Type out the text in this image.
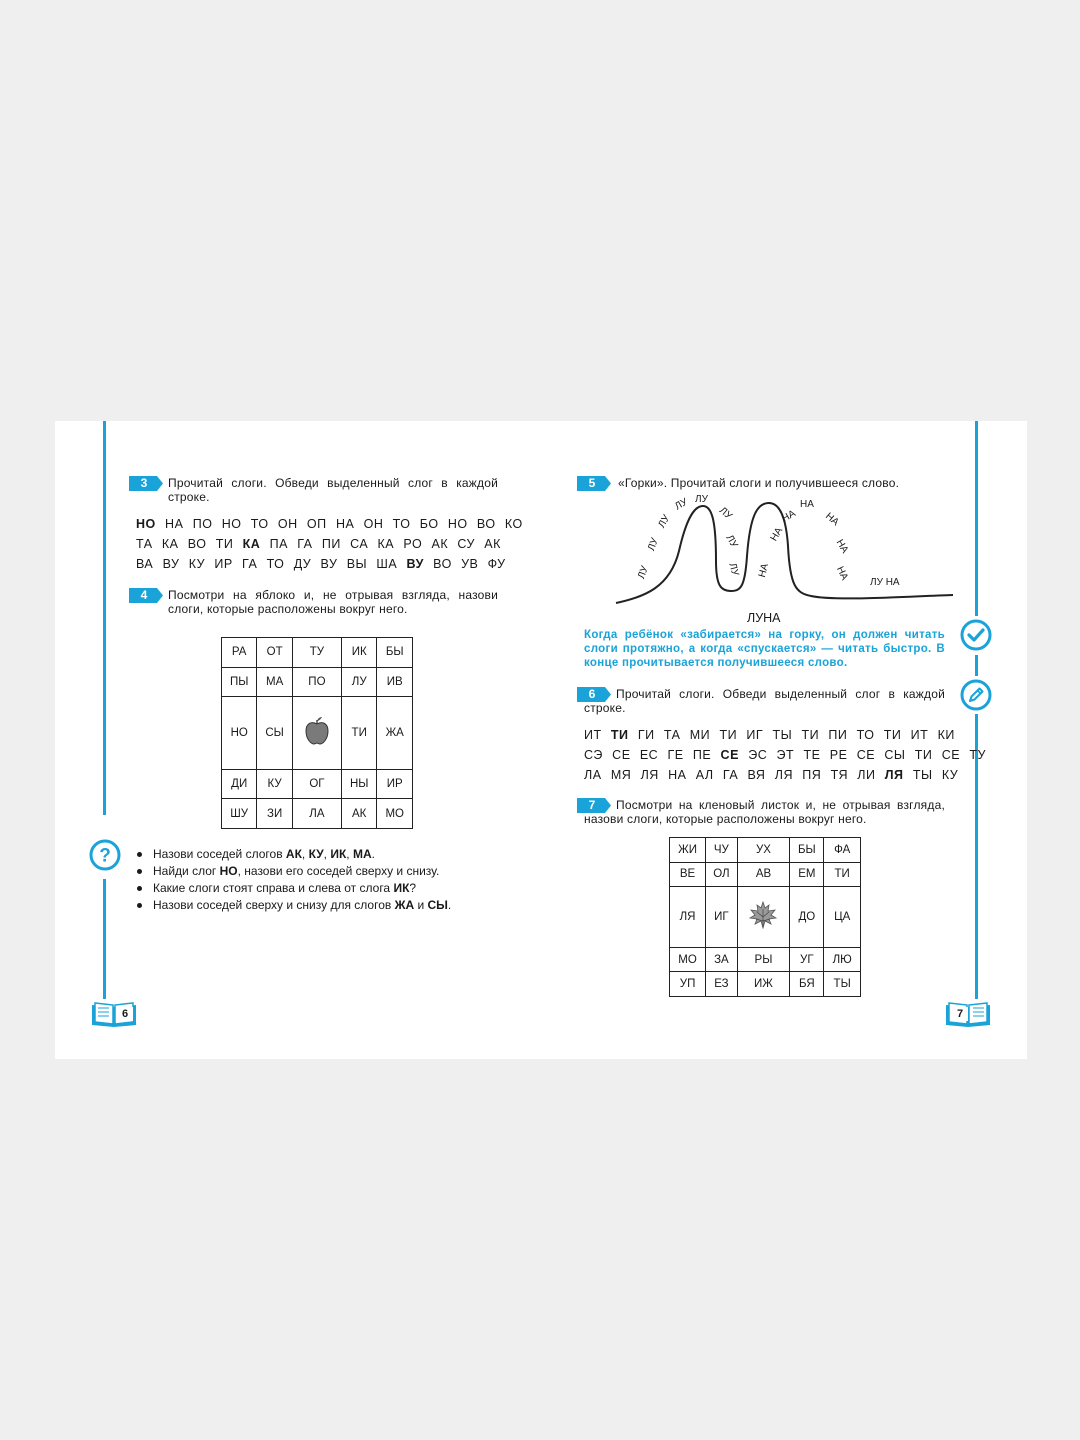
3	Прочитай слоги. Обведи выделенный слог в каждой строке.
НО НА ПО НО ТО ОН ОП НА ОН ТО БО НО ВО КО
ТА КА ВО ТИ КА ПА ГА ПИ СА КА РО АК СУ АК
ВА ВУ КУ ИР ГА ТО ДУ ВУ ВЫ ША ВУ ВО УВ ФУ
4	Посмотри на яблоко и, не отрывая взгляда, назови слоги, которые расположены вокруг него.
РА	ОТ	ТУ	ИК	БЫ
ПЫ	МА	ПО	ЛУ	ИВ
НО	СЫ		ТИ	ЖА
ДИ	КУ	ОГ	НЫ	ИР
ШУ	ЗИ	ЛА	АК	МО
?	Назови соседей слогов АК, КУ, ИК, МА.
Найди слог НО, назови его соседей сверху и снизу.
Какие слоги стоят справа и слева от слога ИК?
Назови соседей сверху и снизу для слогов ЖА и СЫ.
6
5	«Горки». Прочитай слоги и получившееся слово.
ЛУ
ЛУ
ЛУ
ЛУ ЛУ
ЛУ
ЛУ
ЛУ НА
НА
НА
НА
НА
НА
НА
ЛУ НА
ЛУНА
Когда ребёнок «забирается» на горку, он должен читать слоги протяжно, а когда «спускается» — читать быстро. В конце прочитывается получившееся слово.
6	Прочитай слоги. Обведи выделенный слог в каждой строке.
ИТ ТИ ГИ ТА МИ ТИ ИГ ТЫ ТИ ПИ ТО ТИ ИТ КИ
СЭ СЕ ЕС ГЕ ПЕ СЕ ЭС ЭТ ТЕ РЕ СЕ СЫ ТИ СЕ ТУ
ЛА МЯ ЛЯ НА АЛ ГА ВЯ ЛЯ ПЯ ТЯ ЛИ ЛЯ ТЫ КУ
7	Посмотри на кленовый листок и, не отрывая взгляда, назови слоги, которые расположены вокруг него.
ЖИ	ЧУ	УХ	БЫ	ФА
ВЕ	ОЛ	АВ	ЕМ	ТИ
ЛЯ	ИГ		ДО	ЦА
МО	ЗА	РЫ	УГ	ЛЮ
УП	ЕЗ	ИЖ	БЯ	ТЫ
7
